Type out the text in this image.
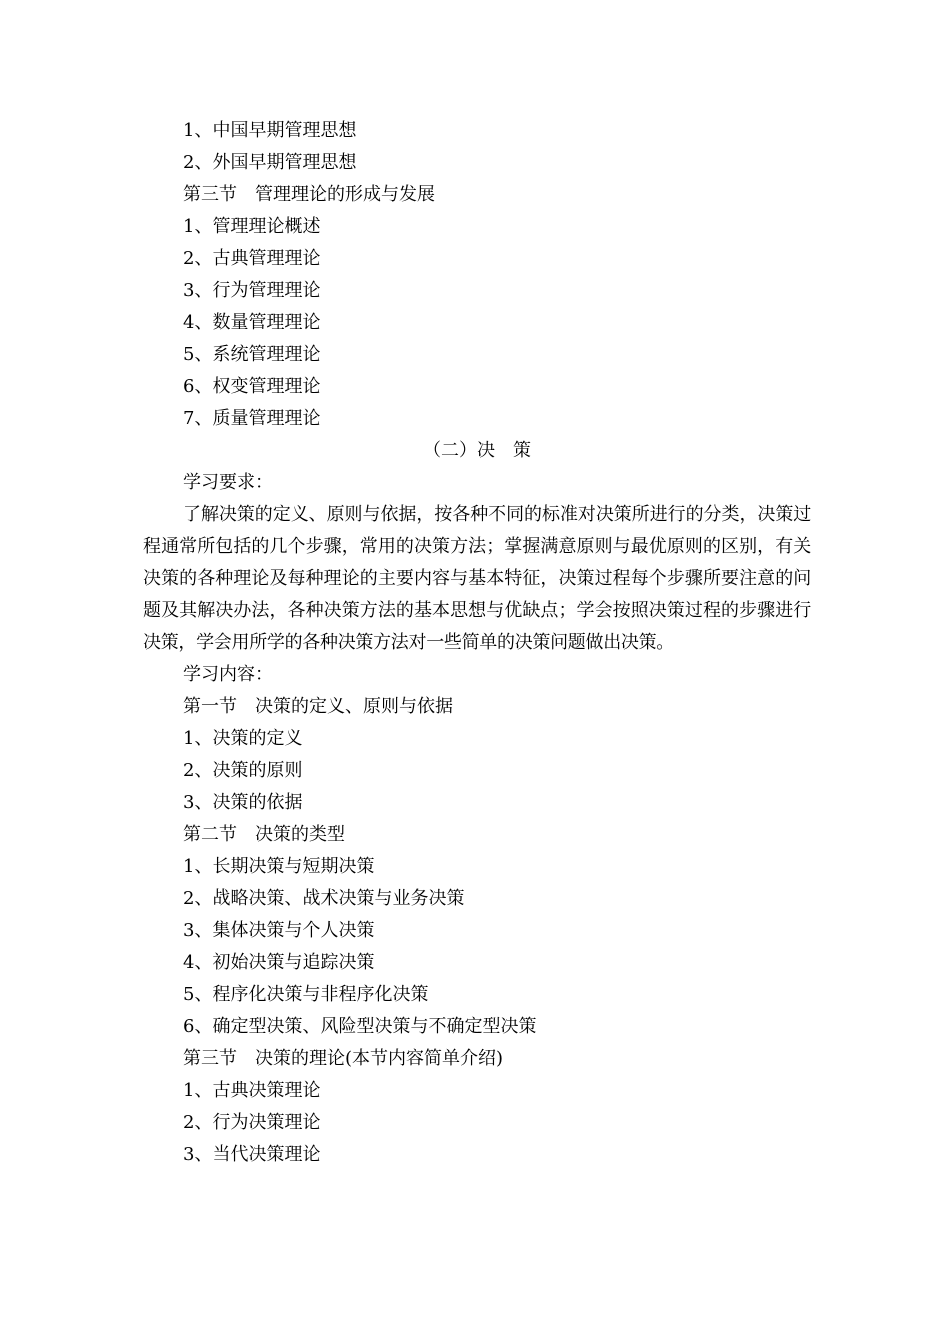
1、中国早期管理思想
2、外国早期管理思想
第三节　管理理论的形成与发展
1、管理理论概述
2、古典管理理论
3、行为管理理论
4、数量管理理论
5、系统管理理论
6、权变管理理论
7、质量管理理论
（二）决　策
学习要求：

了解决策的定义、原则与依据，按各种不同的标准对决策所进行的分类，决策过程通常所包括的几个步骤，常用的决策方法；掌握满意原则与最优原则的区别，有关决策的各种理论及每种理论的主要内容与基本特征，决策过程每个步骤所要注意的问题及其解决办法，各种决策方法的基本思想与优缺点；学会按照决策过程的步骤进行决策，学会用所学的各种决策方法对一些简单的决策问题做出决策。

学习内容：
第一节　决策的定义、原则与依据
1、决策的定义
2、决策的原则
3、决策的依据
第二节　决策的类型
1、长期决策与短期决策
2、战略决策、战术决策与业务决策
3、集体决策与个人决策
4、初始决策与追踪决策
5、程序化决策与非程序化决策
6、确定型决策、风险型决策与不确定型决策
第三节　决策的理论(本节内容简单介绍)
1、古典决策理论
2、行为决策理论
3、当代决策理论
